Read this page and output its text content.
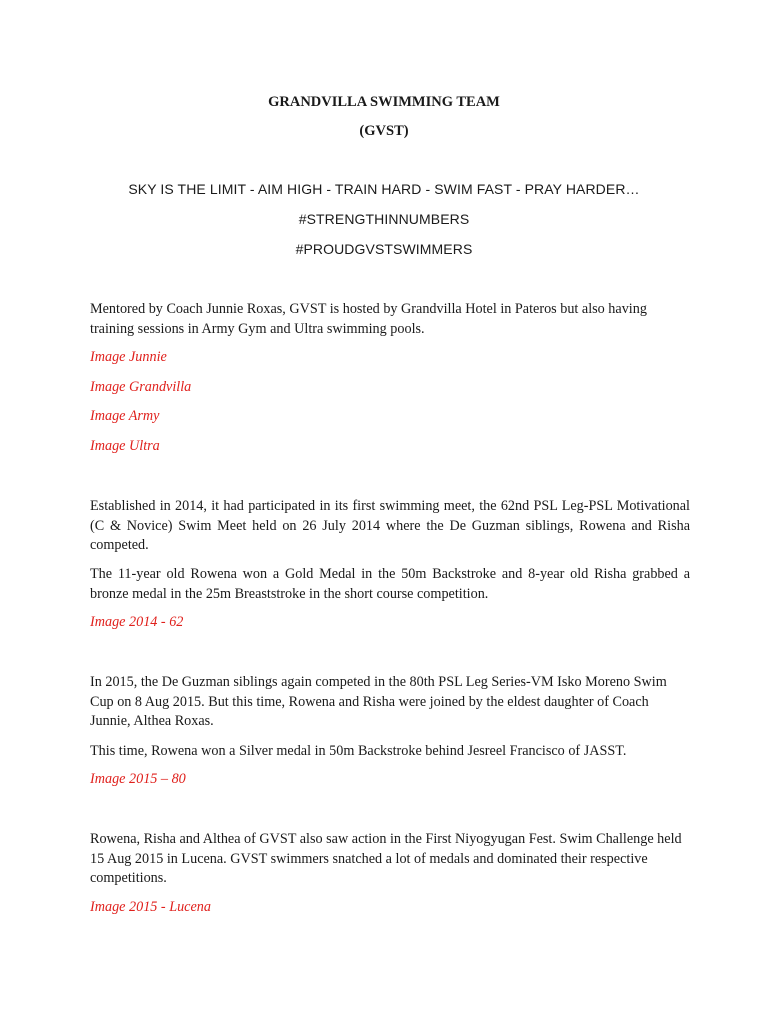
GRANDVILLA SWIMMING TEAM
(GVST)
SKY IS THE LIMIT - AIM HIGH - TRAIN HARD - SWIM FAST - PRAY HARDER…
#STRENGTHINNUMBERS
#PROUDGVSTSWIMMERS

Mentored by Coach Junnie Roxas, GVST is hosted by Grandvilla Hotel in Pateros but also having training sessions in Army Gym and Ultra swimming pools.

Image Junnie
Image Grandvilla
Image Army
Image Ultra

Established in 2014, it had participated in its first swimming meet, the 62nd PSL Leg-PSL Motivational (C & Novice) Swim Meet held on 26 July 2014 where the De Guzman siblings, Rowena and Risha competed.

The 11-year old Rowena won a Gold Medal in the 50m Backstroke and 8-year old Risha grabbed a bronze medal in the 25m Breaststroke in the short course competition.

Image 2014 - 62

In 2015, the De Guzman siblings again competed in the 80th PSL Leg Series-VM Isko Moreno Swim Cup on 8 Aug 2015. But this time, Rowena and Risha were joined by the eldest daughter of Coach Junnie, Althea Roxas.

This time, Rowena won a Silver medal in 50m Backstroke behind Jesreel Francisco of JASST.

Image 2015 – 80

Rowena, Risha and Althea of GVST also saw action in the First Niyogyugan Fest. Swim Challenge held 15 Aug 2015 in Lucena. GVST swimmers snatched a lot of medals and dominated their respective competitions.

Image 2015 - Lucena
